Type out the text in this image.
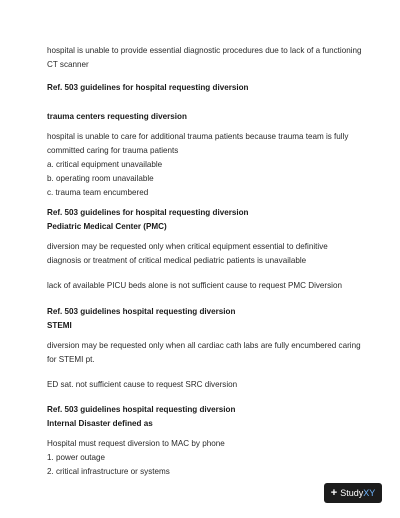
hospital is unable to provide essential diagnostic procedures due to lack of a functioning
CT scanner
Ref. 503 guidelines for hospital requesting diversion
trauma centers requesting diversion
hospital is unable to care for additional trauma patients because trauma team is fully
committed caring for trauma patients
a. critical equipment unavailable
b. operating room unavailable
c. trauma team encumbered
Ref. 503 guidelines for hospital requesting diversion
Pediatric Medical Center (PMC)
diversion may be requested only when critical equipment essential to definitive
diagnosis or treatment of critical medical pediatric patients is unavailable
lack of available PICU beds alone is not sufficient cause to request PMC Diversion
Ref. 503 guidelines hospital requesting diversion
STEMI
diversion may be requested only when all cardiac cath labs are fully encumbered caring
for STEMI pt.
ED sat. not sufficient cause to request SRC diversion
Ref. 503 guidelines hospital requesting diversion
Internal Disaster defined as
Hospital must request diversion to MAC by phone
1. power outage
2. critical infrastructure or systems
+ StudyXY
